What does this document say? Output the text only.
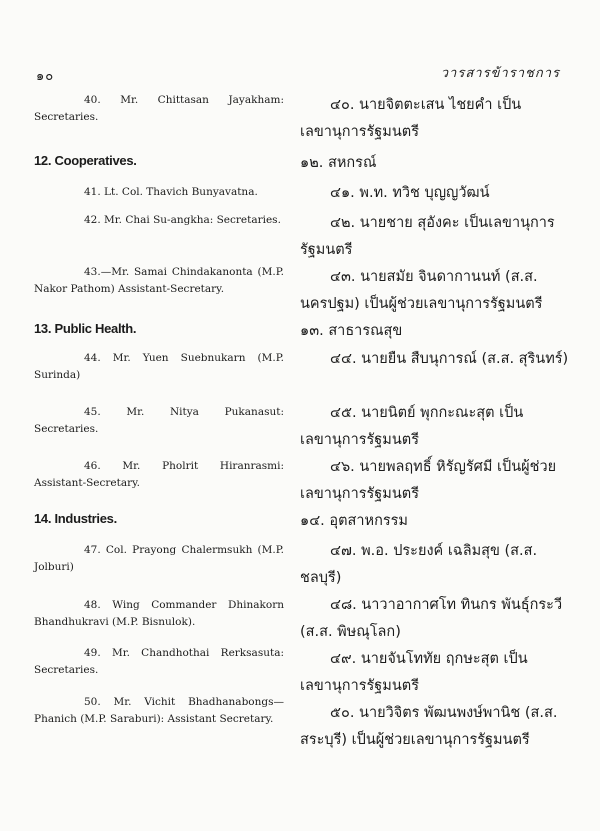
๑๐	วารสารข้าราชการ

40. Mr. Chittasan Jayakham: Secretaries.

12. Cooperatives.

41. Lt. Col. Thavich Bunyavatna.

42. Mr. Chai Su-angkha: Secretaries.

43.—Mr. Samai Chindakanonta (M.P. Nakor Pathom) Assistant-Secretary.

13. Public Health.

44. Mr. Yuen Suebnukarn (M.P. Surinda)

45. Mr. Nitya Pukanasut: Secretaries.

46. Mr. Pholrit Hiranrasmi: Assistant-Secretary.

14. Industries.

47. Col. Prayong Chalermsukh (M.P. Jolburi)

48. Wing Commander Dhinakorn Bhandhukravi (M.P. Bisnulok).

49. Mr. Chandhothai Rerksasuta: Secretaries.

50. Mr. Vichit Bhadhanabongs—Phanich (M.P. Saraburi): Assistant Secretary.

๔๐. นายจิตตะเสน ไชยคำ เป็นเลขานุการรัฐมนตรี

๑๒. สหกรณ์

๔๑. พ.ท. ทวิช บุญญวัฒน์

๔๒. นายชาย สุอังคะ เป็นเลขานุการรัฐมนตรี

๔๓. นายสมัย จินดากานนท์ (ส.ส. นครปฐม) เป็นผู้ช่วยเลขานุการรัฐมนตรี

๑๓. สาธารณสุข

๔๔. นายยืน สืบนุการณ์ (ส.ส. สุรินทร์)

๔๕. นายนิตย์ พุกกะณะสุต เป็นเลขานุการรัฐมนตรี

๔๖. นายพลฤทธิ์ หิรัญรัศมี เป็นผู้ช่วยเลขานุการรัฐมนตรี

๑๔. อุตสาหกรรม

๔๗. พ.อ. ประยงค์ เฉลิมสุข (ส.ส. ชลบุรี)

๔๘. นาวาอากาศโท ทินกร พันธุ์กระวี (ส.ส. พิษณุโลก)

๔๙. นายจันโททัย ฤกษะสุต เป็นเลขานุการรัฐมนตรี

๕๐. นายวิจิตร พัฒนพงษ์พานิช (ส.ส. สระบุรี) เป็นผู้ช่วยเลขานุการรัฐมนตรี
